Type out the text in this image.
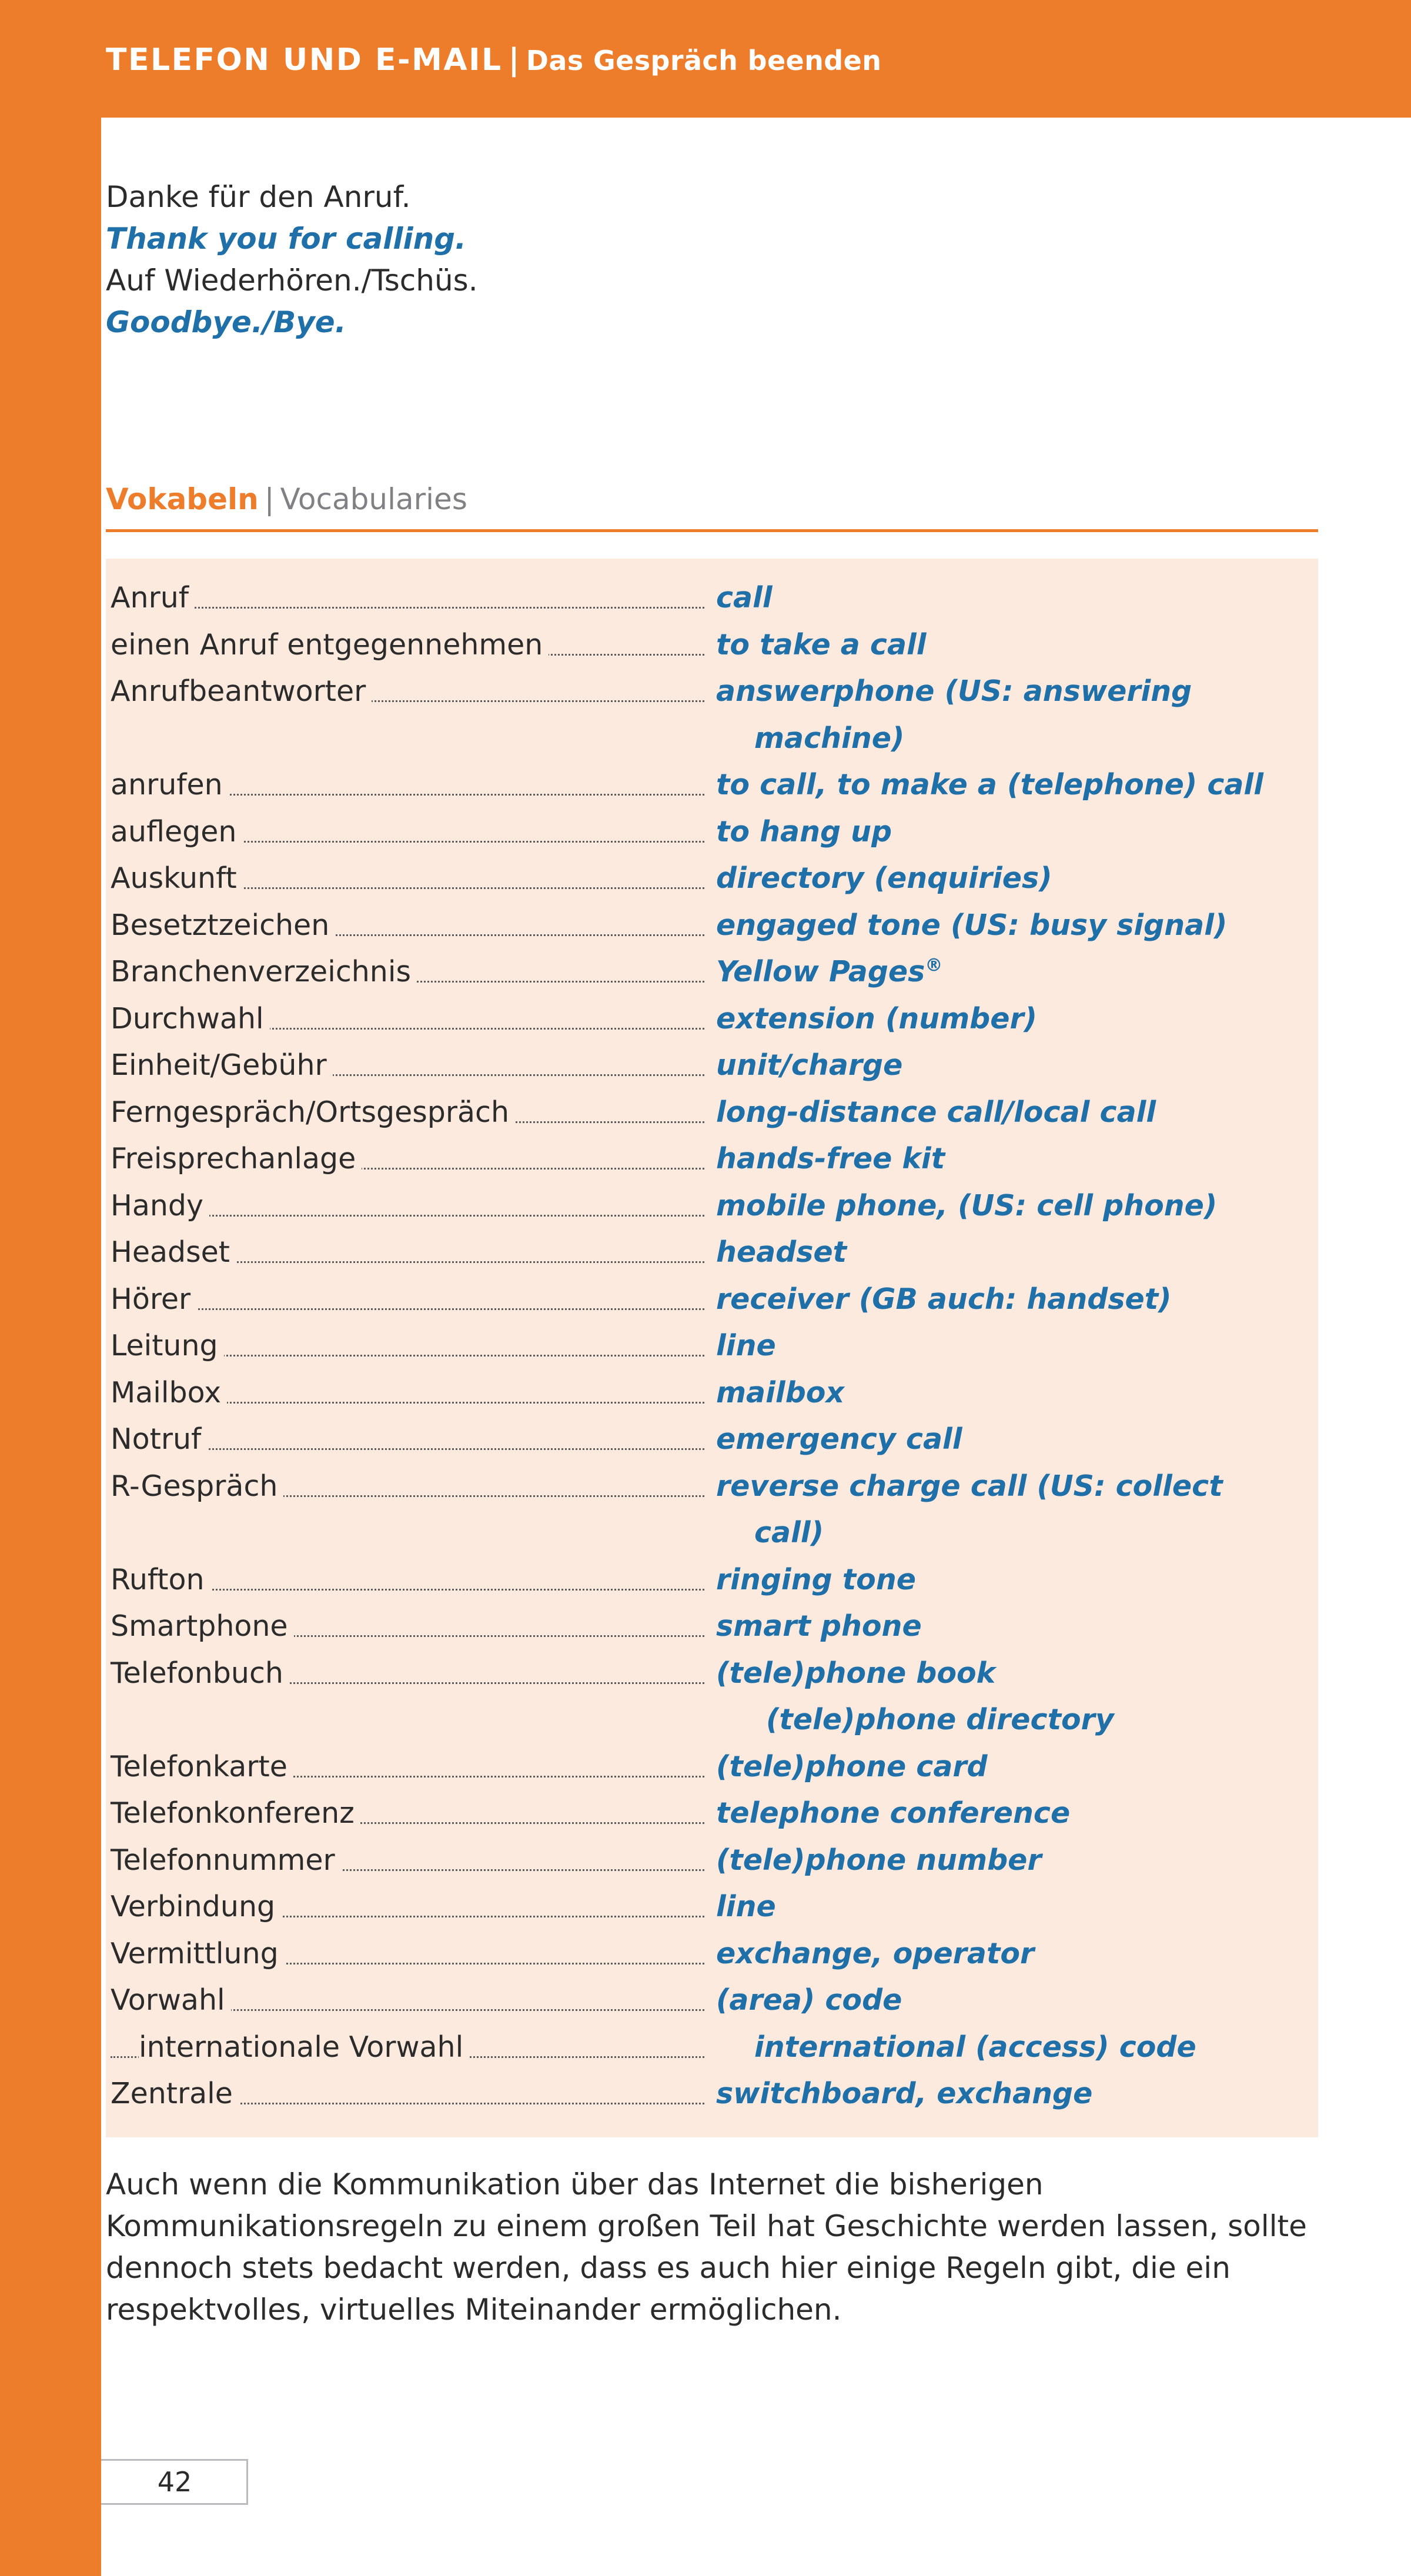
TELEFON UND E-MAIL | Das Gespräch beenden
Danke für den Anruf.
Thank you for calling.
Auf Wiederhören./Tschüs.
Goodbye./Bye.
Vokabeln | Vocabularies
Anruf	call
einen Anruf entgegennehmen	to take a call
Anrufbeantworter	answerphone (US: answering
machine)
anrufen	to call, to make a (telephone) call
auflegen	to hang up
Auskunft	directory (enquiries)
Besetztzeichen	engaged tone (US: busy signal)
Branchenverzeichnis	Yellow Pages®
Durchwahl	extension (number)
Einheit/Gebühr	unit/charge
Ferngespräch/Ortsgespräch	long-distance call/local call
Freisprechanlage	hands-free kit
Handy	mobile phone, (US: cell phone)
Headset	headset
Hörer	receiver (GB auch: handset)
Leitung	line
Mailbox	mailbox
Notruf	emergency call
R-Gespräch	reverse charge call (US: collect
call)
Rufton	ringing tone
Smartphone	smart phone
Telefonbuch	(tele)phone book
(tele)phone directory
Telefonkarte	(tele)phone card
Telefonkonferenz	telephone conference
Telefonnummer	(tele)phone number
Verbindung	line
Vermittlung	exchange, operator
Vorwahl	(area) code
internationale Vorwahl	international (access) code
Zentrale	switchboard, exchange
Auch wenn die Kommunikation über das Internet die bisherigen Kommunikationsregeln zu einem großen Teil hat Geschichte werden lassen, sollte dennoch stets bedacht werden, dass es auch hier einige Regeln gibt, die ein respektvolles, virtuelles Miteinander ermöglichen.
42
